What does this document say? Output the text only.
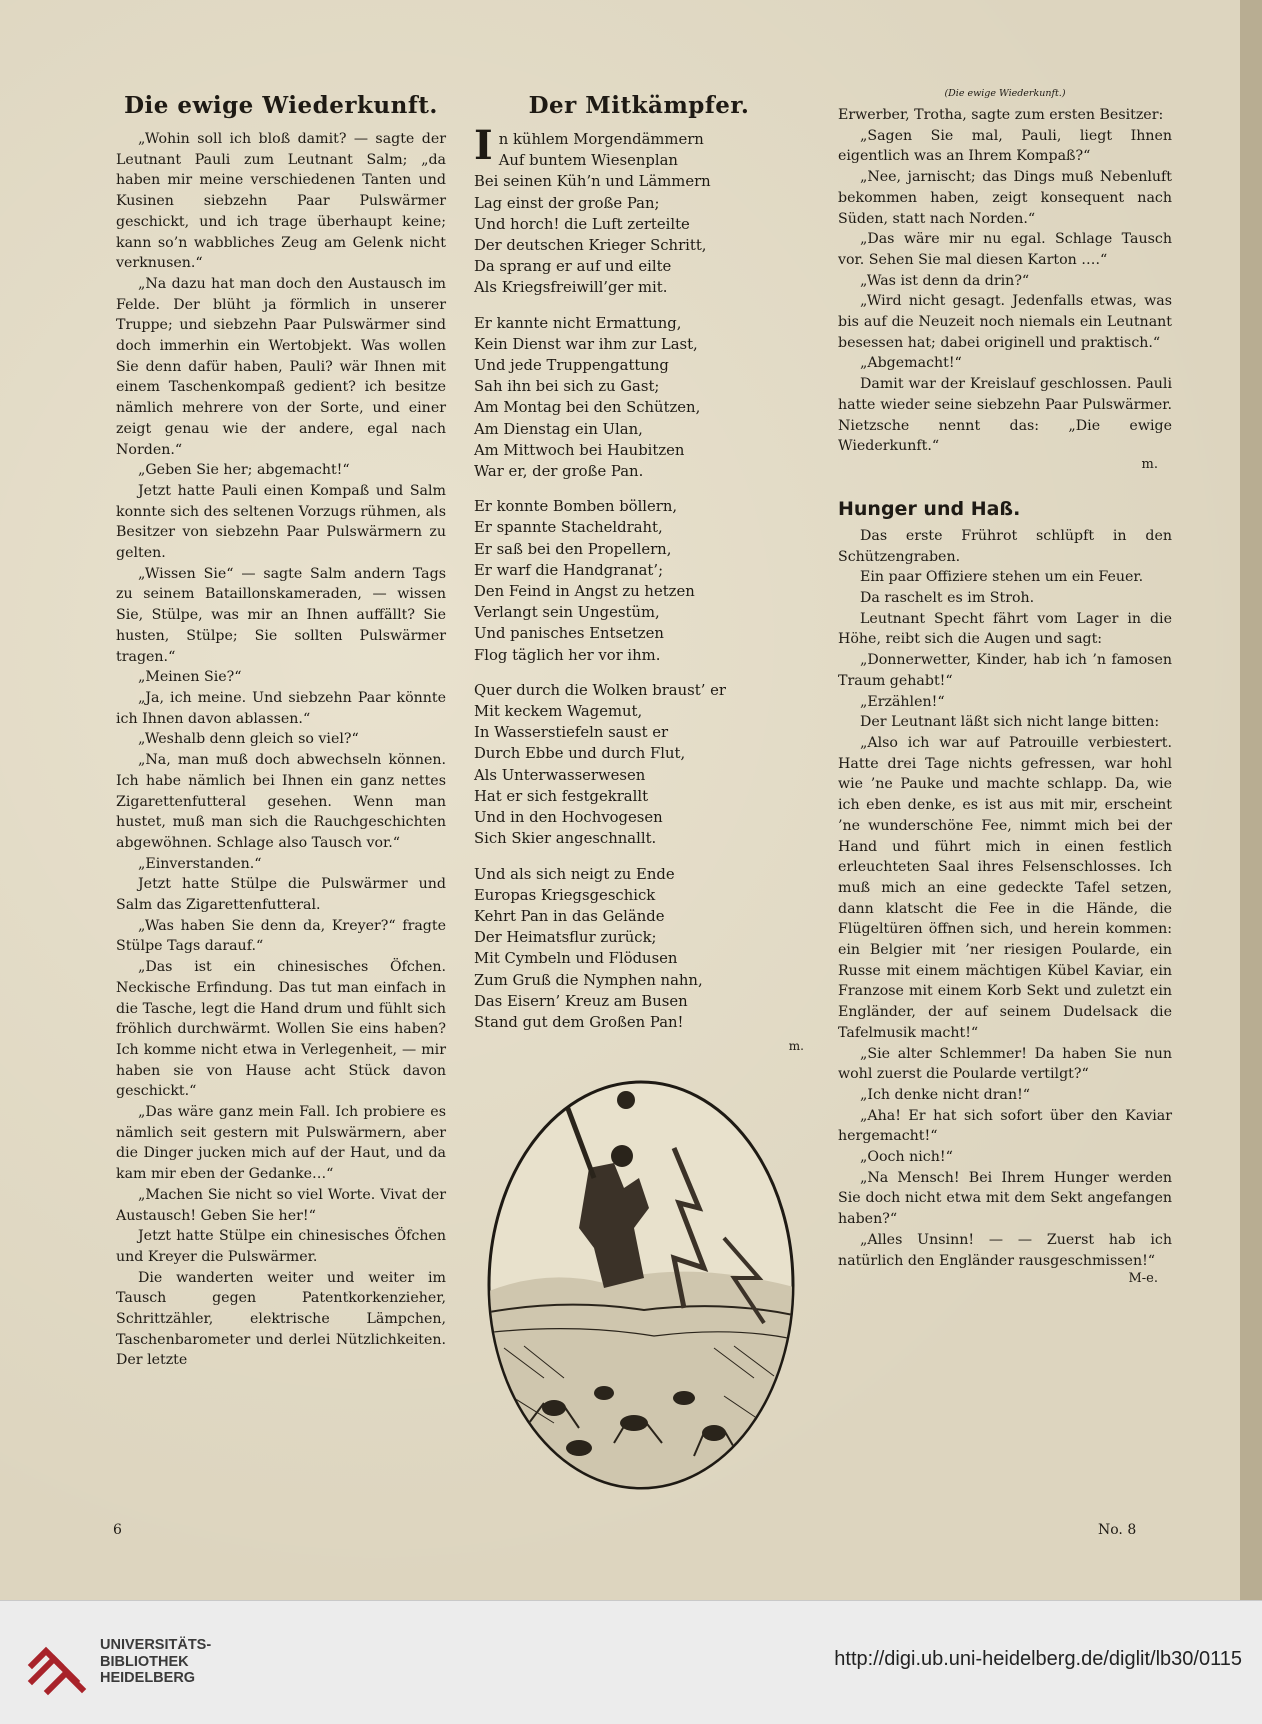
Die ewige Wiederkunft.

„Wohin soll ich bloß damit? — sagte der Leutnant Pauli zum Leutnant Salm; „da haben mir meine verschiedenen Tanten und Kusinen siebzehn Paar Pulswärmer geschickt, und ich trage überhaupt keine; kann so’n wabbliches Zeug am Gelenk nicht verknusen.“

„Na dazu hat man doch den Austausch im Felde. Der blüht ja förmlich in unserer Truppe; und siebzehn Paar Pulswärmer sind doch immerhin ein Wertobjekt. Was wollen Sie denn dafür haben, Pauli? wär Ihnen mit einem Taschenkompaß gedient? ich besitze nämlich mehrere von der Sorte, und einer zeigt genau wie der andere, egal nach Norden.“

„Geben Sie her; abgemacht!“

Jetzt hatte Pauli einen Kompaß und Salm konnte sich des seltenen Vorzugs rühmen, als Besitzer von siebzehn Paar Pulswärmern zu gelten.

„Wissen Sie“ — sagte Salm andern Tags zu seinem Bataillonskameraden, — wissen Sie, Stülpe, was mir an Ihnen auffällt? Sie husten, Stülpe; Sie sollten Pulswärmer tragen.“

„Meinen Sie?“

„Ja, ich meine. Und siebzehn Paar könnte ich Ihnen davon ablassen.“

„Weshalb denn gleich so viel?“

„Na, man muß doch abwechseln können. Ich habe nämlich bei Ihnen ein ganz nettes Zigarettenfutteral gesehen. Wenn man hustet, muß man sich die Rauchgeschichten abgewöhnen. Schlage also Tausch vor.“

„Einverstanden.“

Jetzt hatte Stülpe die Pulswärmer und Salm das Zigarettenfutteral.

„Was haben Sie denn da, Kreyer?“ fragte Stülpe Tags darauf.“

„Das ist ein chinesisches Öfchen. Neckische Erfindung. Das tut man einfach in die Tasche, legt die Hand drum und fühlt sich fröhlich durchwärmt. Wollen Sie eins haben? Ich komme nicht etwa in Verlegenheit, — mir haben sie von Hause acht Stück davon geschickt.“

„Das wäre ganz mein Fall. Ich probiere es nämlich seit gestern mit Pulswärmern, aber die Dinger jucken mich auf der Haut, und da kam mir eben der Gedanke…“

„Machen Sie nicht so viel Worte. Vivat der Austausch! Geben Sie her!“

Jetzt hatte Stülpe ein chinesisches Öfchen und Kreyer die Pulswärmer.

Die wanderten weiter und weiter im Tausch gegen Patentkorkenzieher, Schrittzähler, elektrische Lämpchen, Taschenbarometer und derlei Nützlichkeiten. Der letzte

Der Mitkämpfer.
In kühlem Morgendämmern
Auf buntem Wiesenplan
Bei seinen Küh’n und Lämmern
Lag einst der große Pan;
Und horch! die Luft zerteilte
Der deutschen Krieger Schritt,
Da sprang er auf und eilte
Als Kriegsfreiwill’ger mit.
Er kannte nicht Ermattung,
Kein Dienst war ihm zur Last,
Und jede Truppengattung
Sah ihn bei sich zu Gast;
Am Montag bei den Schützen,
Am Dienstag ein Ulan,
Am Mittwoch bei Haubitzen
War er, der große Pan.
Er konnte Bomben böllern,
Er spannte Stacheldraht,
Er saß bei den Propellern,
Er warf die Handgranat’;
Den Feind in Angst zu hetzen
Verlangt sein Ungestüm,
Und panisches Entsetzen
Flog täglich her vor ihm.
Quer durch die Wolken braust’ er
Mit keckem Wagemut,
In Wasserstiefeln saust er
Durch Ebbe und durch Flut,
Als Unterwasserwesen
Hat er sich festgekrallt
Und in den Hochvogesen
Sich Skier angeschnallt.
Und als sich neigt zu Ende
Europas Kriegsgeschick
Kehrt Pan in das Gelände
Der Heimatsflur zurück;
Mit Cymbeln und Flödusen
Zum Gruß die Nymphen nahn,
Das Eisern’ Kreuz am Busen
Stand gut dem Großen Pan!
m.
(Die ewige Wiederkunft.)

Erwerber, Trotha, sagte zum ersten Besitzer:

„Sagen Sie mal, Pauli, liegt Ihnen eigentlich was an Ihrem Kompaß?“

„Nee, jarnischt; das Dings muß Nebenluft bekommen haben, zeigt konsequent nach Süden, statt nach Norden.“

„Das wäre mir nu egal. Schlage Tausch vor. Sehen Sie mal diesen Karton ….“

„Was ist denn da drin?“

„Wird nicht gesagt. Jedenfalls etwas, was bis auf die Neuzeit noch niemals ein Leutnant besessen hat; dabei originell und praktisch.“

„Abgemacht!“

Damit war der Kreislauf geschlossen. Pauli hatte wieder seine siebzehn Paar Pulswärmer. Nietzsche nennt das: „Die ewige Wiederkunft.“

m.
Hunger und Haß.

Das erste Frührot schlüpft in den Schützengraben.

Ein paar Offiziere stehen um ein Feuer.

Da raschelt es im Stroh.

Leutnant Specht fährt vom Lager in die Höhe, reibt sich die Augen und sagt:

„Donnerwetter, Kinder, hab ich ’n famosen Traum gehabt!“

„Erzählen!“

Der Leutnant läßt sich nicht lange bitten:

„Also ich war auf Patrouille verbiestert. Hatte drei Tage nichts gefressen, war hohl wie ’ne Pauke und machte schlapp. Da, wie ich eben denke, es ist aus mit mir, erscheint ’ne wunderschöne Fee, nimmt mich bei der Hand und führt mich in einen festlich erleuchteten Saal ihres Felsenschlosses. Ich muß mich an eine gedeckte Tafel setzen, dann klatscht die Fee in die Hände, die Flügeltüren öffnen sich, und herein kommen: ein Belgier mit ’ner riesigen Poularde, ein Russe mit einem mächtigen Kübel Kaviar, ein Franzose mit einem Korb Sekt und zuletzt ein Engländer, der auf seinem Dudelsack die Tafelmusik macht!“

„Sie alter Schlemmer! Da haben Sie nun wohl zuerst die Poularde vertilgt?“

„Ich denke nicht dran!“

„Aha! Er hat sich sofort über den Kaviar hergemacht!“

„Ooch nich!“

„Na Mensch! Bei Ihrem Hunger werden Sie doch nicht etwa mit dem Sekt angefangen haben?“

„Alles Unsinn! — — Zuerst hab ich natürlich den Engländer rausgeschmissen!“

M-e.
6	No. 8
UNIVERSITÄTS-
BIBLIOTHEK
HEIDELBERG
http://digi.ub.uni-heidelberg.de/diglit/lb30/0115
